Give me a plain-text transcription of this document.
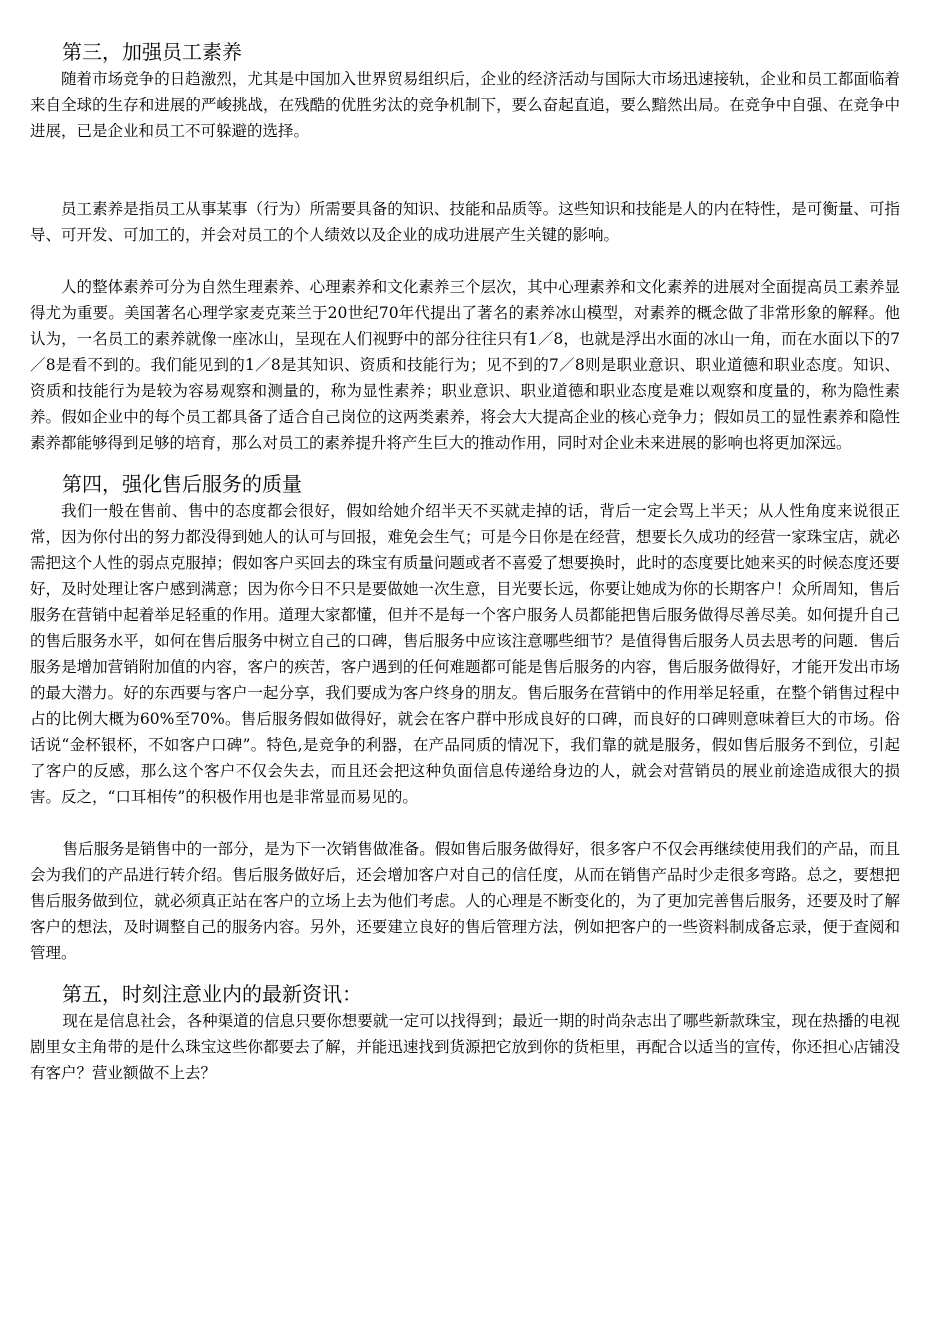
第三，加强员工素养

随着市场竞争的日趋激烈，尤其是中国加入世界贸易组织后，企业的经济活动与国际大市场迅速接轨，企业和员工都面临着来自全球的生存和进展的严峻挑战，在残酷的优胜劣汰的竞争机制下，要么奋起直追，要么黯然出局。在竞争中自强、在竞争中进展，已是企业和员工不可躲避的选择。

员工素养是指员工从事某事（行为）所需要具备的知识、技能和品质等。这些知识和技能是人的内在特性，是可衡量、可指导、可开发、可加工的，并会对员工的个人绩效以及企业的成功进展产生关键的影响。

人的整体素养可分为自然生理素养、心理素养和文化素养三个层次，其中心理素养和文化素养的进展对全面提高员工素养显得尤为重要。美国著名心理学家麦克莱兰于20世纪70年代提出了著名的素养冰山模型，对素养的概念做了非常形象的解释。他认为，一名员工的素养就像一座冰山，呈现在人们视野中的部分往往只有1／8，也就是浮出水面的冰山一角，而在水面以下的7／8是看不到的。我们能见到的1／8是其知识、资质和技能行为；见不到的7／8则是职业意识、职业道德和职业态度。知识、资质和技能行为是较为容易观察和测量的，称为显性素养；职业意识、职业道德和职业态度是难以观察和度量的，称为隐性素养。假如企业中的每个员工都具备了适合自己岗位的这两类素养，将会大大提高企业的核心竞争力；假如员工的显性素养和隐性素养都能够得到足够的培育，那么对员工的素养提升将产生巨大的推动作用，同时对企业未来进展的影响也将更加深远。

第四，强化售后服务的质量

我们一般在售前、售中的态度都会很好，假如给她介绍半天不买就走掉的话，背后一定会骂上半天；从人性角度来说很正常，因为你付出的努力都没得到她人的认可与回报，难免会生气；可是今日你是在经营，想要长久成功的经营一家珠宝店，就必需把这个人性的弱点克服掉；假如客户买回去的珠宝有质量问题或者不喜爱了想要换时，此时的态度要比她来买的时候态度还要好，及时处理让客户感到满意；因为你今日不只是要做她一次生意，目光要长远，你要让她成为你的长期客户！众所周知，售后服务在营销中起着举足轻重的作用。道理大家都懂，但并不是每一个客户服务人员都能把售后服务做得尽善尽美。如何提升自己的售后服务水平，如何在售后服务中树立自己的口碑，售后服务中应该注意哪些细节？是值得售后服务人员去思考的问题．售后服务是增加营销附加值的内容，客户的疾苦，客户遇到的任何难题都可能是售后服务的内容，售后服务做得好，才能开发出市场的最大潜力。好的东西要与客户一起分享，我们要成为客户终身的朋友。售后服务在营销中的作用举足轻重，在整个销售过程中占的比例大概为60%至70%。售后服务假如做得好，就会在客户群中形成良好的口碑，而良好的口碑则意味着巨大的市场。俗话说“金杯银杯，不如客户口碑”。特色,是竞争的利器，在产品同质的情况下，我们靠的就是服务，假如售后服务不到位，引起了客户的反感，那么这个客户不仅会失去，而且还会把这种负面信息传递给身边的人，就会对营销员的展业前途造成很大的损害。反之，“口耳相传”的积极作用也是非常显而易见的。

售后服务是销售中的一部分，是为下一次销售做准备。假如售后服务做得好，很多客户不仅会再继续使用我们的产品，而且会为我们的产品进行转介绍。售后服务做好后，还会增加客户对自己的信任度，从而在销售产品时少走很多弯路。总之，要想把售后服务做到位，就必须真正站在客户的立场上去为他们考虑。人的心理是不断变化的，为了更加完善售后服务，还要及时了解客户的想法，及时调整自己的服务内容。另外，还要建立良好的售后管理方法，例如把客户的一些资料制成备忘录，便于查阅和管理。

第五，时刻注意业内的最新资讯：

现在是信息社会，各种渠道的信息只要你想要就一定可以找得到；最近一期的时尚杂志出了哪些新款珠宝，现在热播的电视剧里女主角带的是什么珠宝这些你都要去了解，并能迅速找到货源把它放到你的货柜里，再配合以适当的宣传，你还担心店铺没有客户？营业额做不上去？
